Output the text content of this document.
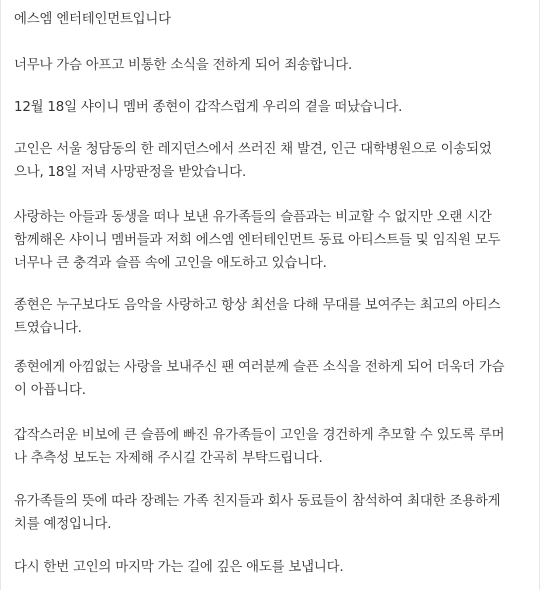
에스엠 엔터테인먼트입니다

너무나 가슴 아프고 비통한 소식을 전하게 되어 죄송합니다.

12월 18일 샤이니 멤버 종현이 갑작스럽게 우리의 곁을 떠났습니다.

고인은 서울 청담동의 한 레지던스에서 쓰러진 채 발견, 인근 대학병원으로 이송되었
으나, 18일 저녁 사망판정을 받았습니다.

사랑하는 아들과 동생을 떠나 보낸 유가족들의 슬픔과는 비교할 수 없지만 오랜 시간
함께해온 샤이니 멤버들과 저희 에스엠 엔터테인먼트 동료 아티스트들 및 임직원 모두
너무나 큰 충격과 슬픔 속에 고인을 애도하고 있습니다.

종현은 누구보다도 음악을 사랑하고 항상 최선을 다해 무대를 보여주는 최고의 아티스
트였습니다.

종현에게 아낌없는 사랑을 보내주신 팬 여러분께 슬픈 소식을 전하게 되어 더욱더 가슴
이 아픕니다.

갑작스러운 비보에 큰 슬픔에 빠진 유가족들이 고인을 경건하게 추모할 수 있도록 루머
나 추측성 보도는 자제해 주시길 간곡히 부탁드립니다.

유가족들의 뜻에 따라 장례는 가족 친지들과 회사 동료들이 참석하여 최대한 조용하게
치를 예정입니다.

다시 한번 고인의 마지막 가는 길에 깊은 애도를 보냅니다.
